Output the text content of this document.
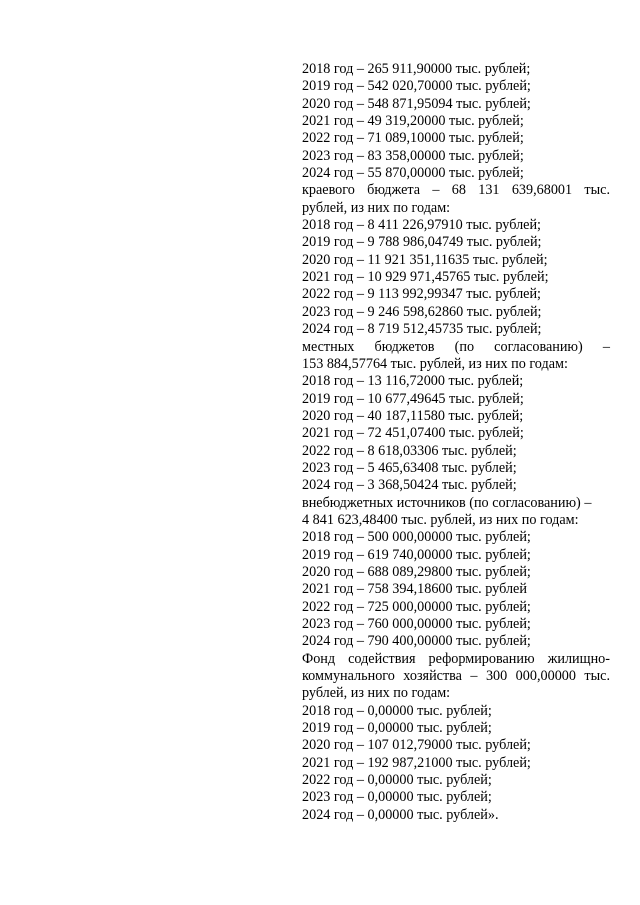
2018 год – 265 911,90000 тыс. рублей;
2019 год – 542 020,70000 тыс. рублей;
2020 год – 548 871,95094 тыс. рублей;
2021 год – 49 319,20000 тыс. рублей;
2022 год – 71 089,10000 тыс. рублей;
2023 год – 83 358,00000 тыс. рублей;
2024 год – 55 870,00000 тыс. рублей;
краевого бюджета – 68 131 639,68001 тыс.
рублей, из них по годам:
2018 год – 8 411 226,97910 тыс. рублей;
2019 год – 9 788 986,04749 тыс. рублей;
2020 год – 11 921 351,11635 тыс. рублей;
2021 год – 10 929 971,45765 тыс. рублей;
2022 год – 9 113 992,99347 тыс. рублей;
2023 год – 9 246 598,62860 тыс. рублей;
2024 год – 8 719 512,45735 тыс. рублей;
местных бюджетов (по согласованию) –
153 884,57764 тыс. рублей, из них по годам:
2018 год – 13 116,72000 тыс. рублей;
2019 год – 10 677,49645 тыс. рублей;
2020 год – 40 187,11580 тыс. рублей;
2021 год – 72 451,07400 тыс. рублей;
2022 год – 8 618,03306 тыс. рублей;
2023 год – 5 465,63408 тыс. рублей;
2024 год – 3 368,50424 тыс. рублей;
внебюджетных источников (по согласованию) –
4 841 623,48400 тыс. рублей, из них по годам:
2018 год – 500 000,00000 тыс. рублей;
2019 год – 619 740,00000 тыс. рублей;
2020 год – 688 089,29800 тыс. рублей;
2021 год – 758 394,18600 тыс. рублей
2022 год – 725 000,00000 тыс. рублей;
2023 год – 760 000,00000 тыс. рублей;
2024 год – 790 400,00000 тыс. рублей;
Фонд содействия реформированию жилищно-
коммунального хозяйства – 300 000,00000 тыс.
рублей, из них по годам:
2018 год – 0,00000 тыс. рублей;
2019 год – 0,00000 тыс. рублей;
2020 год – 107 012,79000 тыс. рублей;
2021 год – 192 987,21000 тыс. рублей;
2022 год – 0,00000 тыс. рублей;
2023 год – 0,00000 тыс. рублей;
2024 год – 0,00000 тыс. рублей».
